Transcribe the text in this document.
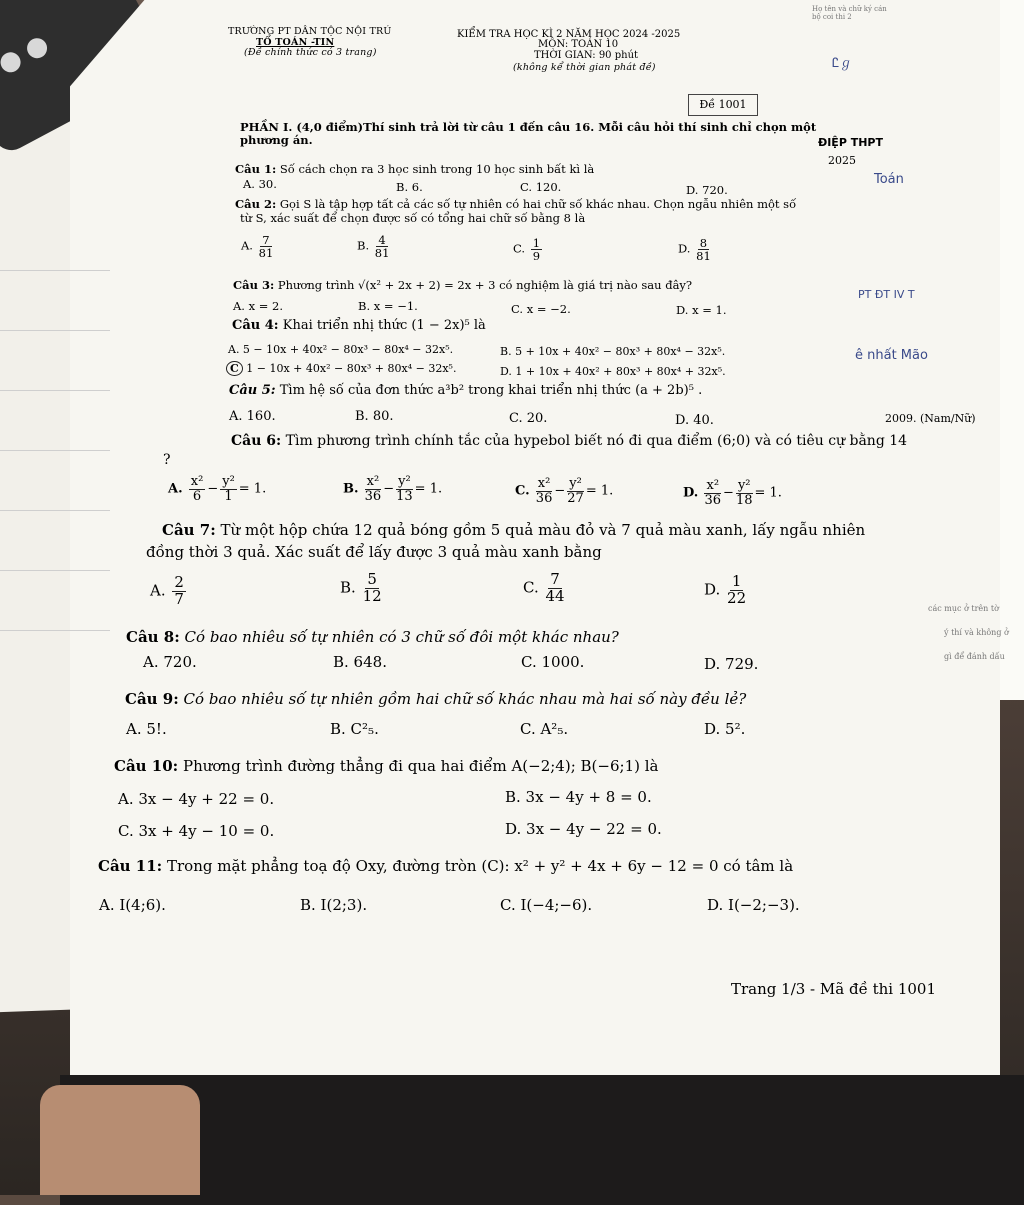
TRƯỜNG PT DÂN TỘC NỘI TRÚ
TỔ TOÁN -TIN
(Đề chính thức có 3 trang)
KIỂM TRA HỌC KÌ 2 NĂM HỌC 2024 -2025
MÔN: TOÁN 10
THỜI GIAN: 90 phút
(không kể thời gian phát đề)
Họ tên và chữ ký cán bộ coi thi 2
Đề 1001
Ꮭℊ
PHẦN I. (4,0 điểm)Thí sinh trả lời từ câu 1 đến câu 16. Mỗi câu hỏi thí sinh chỉ chọn một
phương án.	ĐIỆP THPT
2025
Câu 1: Số cách chọn ra 3 học sinh trong 10 học sinh bất kì là
A. 30.	B. 6.	C. 120.	D. 720.
Toán
Câu 2: Gọi S là tập hợp tất cả các số tự nhiên có hai chữ số khác nhau. Chọn ngẫu nhiên một số
từ S, xác suất để chọn được số có tổng hai chữ số bằng 8 là
A. $\frac{7}{81}$	B. $\frac{4}{81}$	C. $\frac{1}{9}$	D. $\frac{8}{81}$
Câu 3: Phương trình √(x² + 2x + 2) = 2x + 3 có nghiệm là giá trị nào sau đây?
A. x = 2.	B. x = −1.	C. x = −2.	D. x = 1.
PT ĐT IV T
Câu 4: Khai triển nhị thức (1 − 2x)⁵ là
A. 5 − 10x + 40x² − 80x³ − 80x⁴ − 32x⁵.	B. 5 + 10x + 40x² − 80x³ + 80x⁴ − 32x⁵.
C 1 − 10x + 40x² − 80x³ + 80x⁴ − 32x⁵.	D. 1 + 10x + 40x² + 80x³ + 80x⁴ + 32x⁵.
ê nhất Mão
Câu 5: Tìm hệ số của đơn thức a³b² trong khai triển nhị thức (a + 2b)⁵ .
A. 160.	B. 80.	C. 20.	D. 40.	2009. (Nam/Nữ)
Câu 6: Tìm phương trình chính tắc của hypebol biết nó đi qua điểm (6;0) và có tiêu cự bằng 14
?
A. $\frac{\text{x²}}{6} - \frac{\text{y²}}{1} = 1$.	B. $\frac{\text{x²}}{36} - \frac{\text{y²}}{13} = 1$.	C. $\frac{\text{x²}}{36} - \frac{\text{y²}}{27} = 1$.	D. $\frac{\text{x²}}{36} - \frac{\text{y²}}{18} = 1$.
Câu 7: Từ một hộp chứa 12 quả bóng gồm 5 quả màu đỏ và 7 quả màu xanh, lấy ngẫu nhiên
đồng thời 3 quả. Xác suất để lấy được 3 quả màu xanh bằng
A. $\frac{2}{7}$	B. $\frac{5}{12}$	C. $\frac{7}{44}$	D. $\frac{1}{22}$
các mục ở trên tờ
ý thí và không ở
gì để đánh dấu
Câu 8: Có bao nhiêu số tự nhiên có 3 chữ số đôi một khác nhau?
A. 720.	B. 648.	C. 1000.	D. 729.
Câu 9: Có bao nhiêu số tự nhiên gồm hai chữ số khác nhau mà hai số này đều lẻ?
A. 5!.	B. C²₅.	C. A²₅.	D. 5².
Câu 10: Phương trình đường thẳng đi qua hai điểm A(−2;4); B(−6;1) là
A. 3x − 4y + 22 = 0.	B. 3x − 4y + 8 = 0.
C. 3x + 4y − 10 = 0.	D. 3x − 4y − 22 = 0.
Câu 11: Trong mặt phẳng toạ độ Oxy, đường tròn (C): x² + y² + 4x + 6y − 12 = 0 có tâm là
A. I(4;6).	B. I(2;3).	C. I(−4;−6).	D. I(−2;−3).
Trang 1/3 - Mã đề thi 1001
